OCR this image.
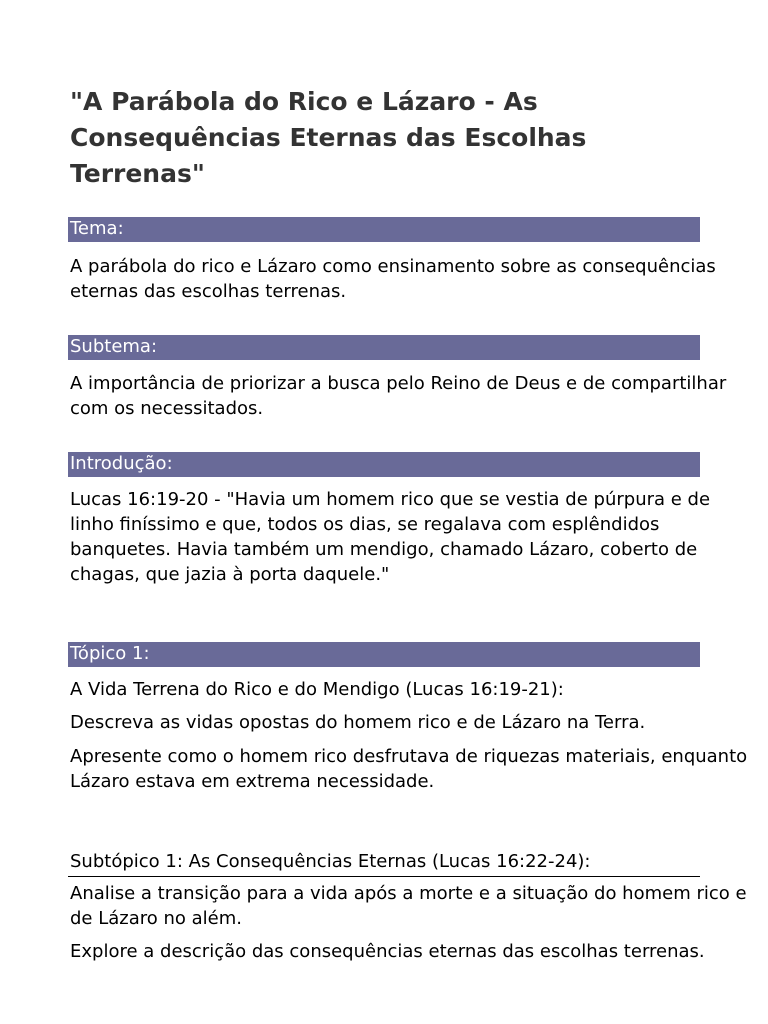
"A Parábola do Rico e Lázaro - As Consequências Eternas das Escolhas Terrenas"
Tema:

A parábola do rico e Lázaro como ensinamento sobre as consequências eternas das escolhas terrenas.

Subtema:

A importância de priorizar a busca pelo Reino de Deus e de compartilhar com os necessitados.

Introdução:

Lucas 16:19-20 - "Havia um homem rico que se vestia de púrpura e de linho finíssimo e que, todos os dias, se regalava com esplêndidos banquetes. Havia também um mendigo, chamado Lázaro, coberto de chagas, que jazia à porta daquele."

Tópico 1:

A Vida Terrena do Rico e do Mendigo (Lucas 16:19-21):

Descreva as vidas opostas do homem rico e de Lázaro na Terra.

Apresente como o homem rico desfrutava de riquezas materiais, enquanto Lázaro estava em extrema necessidade.

Subtópico 1: As Consequências Eternas (Lucas 16:22-24):

Analise a transição para a vida após a morte e a situação do homem rico e de Lázaro no além.

Explore a descrição das consequências eternas das escolhas terrenas.
